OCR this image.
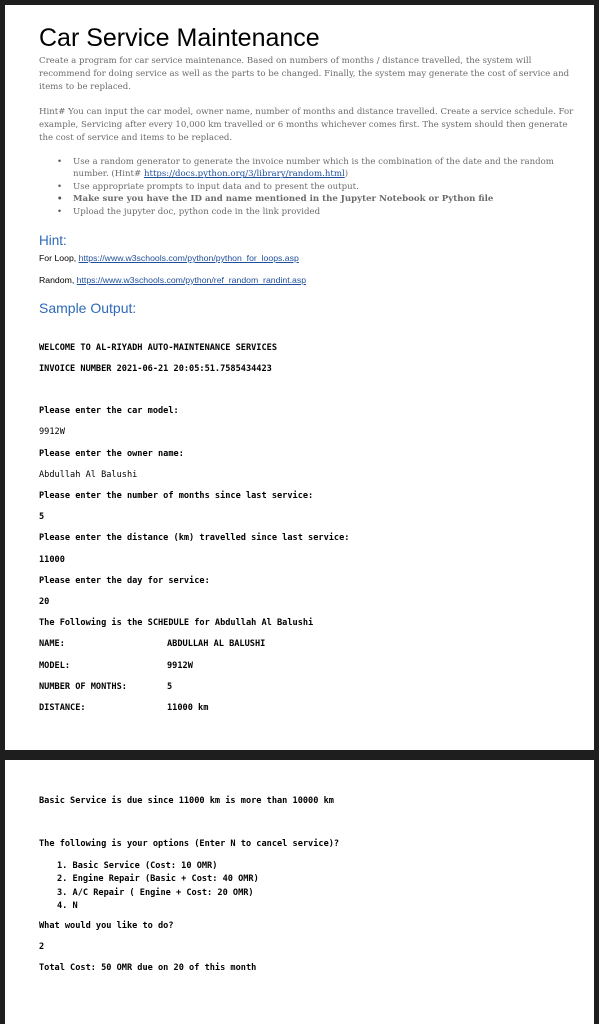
Car Service Maintenance

Create a program for car service maintenance. Based on numbers of months / distance travelled, the system will recommend for doing service as well as the parts to be changed. Finally, the system may generate the cost of service and items to be replaced.

Hint# You can input the car model, owner name, number of months and distance travelled. Create a service schedule. For example, Servicing after every 10,000 km travelled or 6 months whichever comes first. The system should then generate the cost of service and items to be replaced.

• Use a random generator to generate the invoice number which is the combination of the date and the random number. (Hint# https://docs.python.org/3/library/random.html)
• Use appropriate prompts to input data and to present the output.
• Make sure you have the ID and name mentioned in the Jupyter Notebook or Python file
• Upload the jupyter doc, python code in the link provided
Hint:
For Loop, https://www.w3schools.com/python/python_for_loops.asp
Random, https://www.w3schools.com/python/ref_random_randint.asp
Sample Output:
WELCOME TO AL-RIYADH AUTO-MAINTENANCE SERVICES
INVOICE NUMBER 2021-06-21 20:05:51.7585434423
Please enter the car model:
9912W
Please enter the owner name:
Abdullah Al Balushi
Please enter the number of months since last service:
5
Please enter the distance (km) travelled since last service:
11000
Please enter the day for service:
20
The Following is the SCHEDULE for Abdullah Al Balushi
NAME:	ABDULLAH AL BALUSHI
MODEL:	9912W
NUMBER OF MONTHS:	5
DISTANCE:	11000 km
Basic Service is due since 11000 km is more than 10000 km
The following is your options (Enter N to cancel service)?
1. Basic Service (Cost: 10 OMR)
2. Engine Repair (Basic + Cost: 40 OMR)
3. A/C Repair ( Engine + Cost: 20 OMR)
4. N
What would you like to do?
2
Total Cost: 50 OMR due on 20 of this month
